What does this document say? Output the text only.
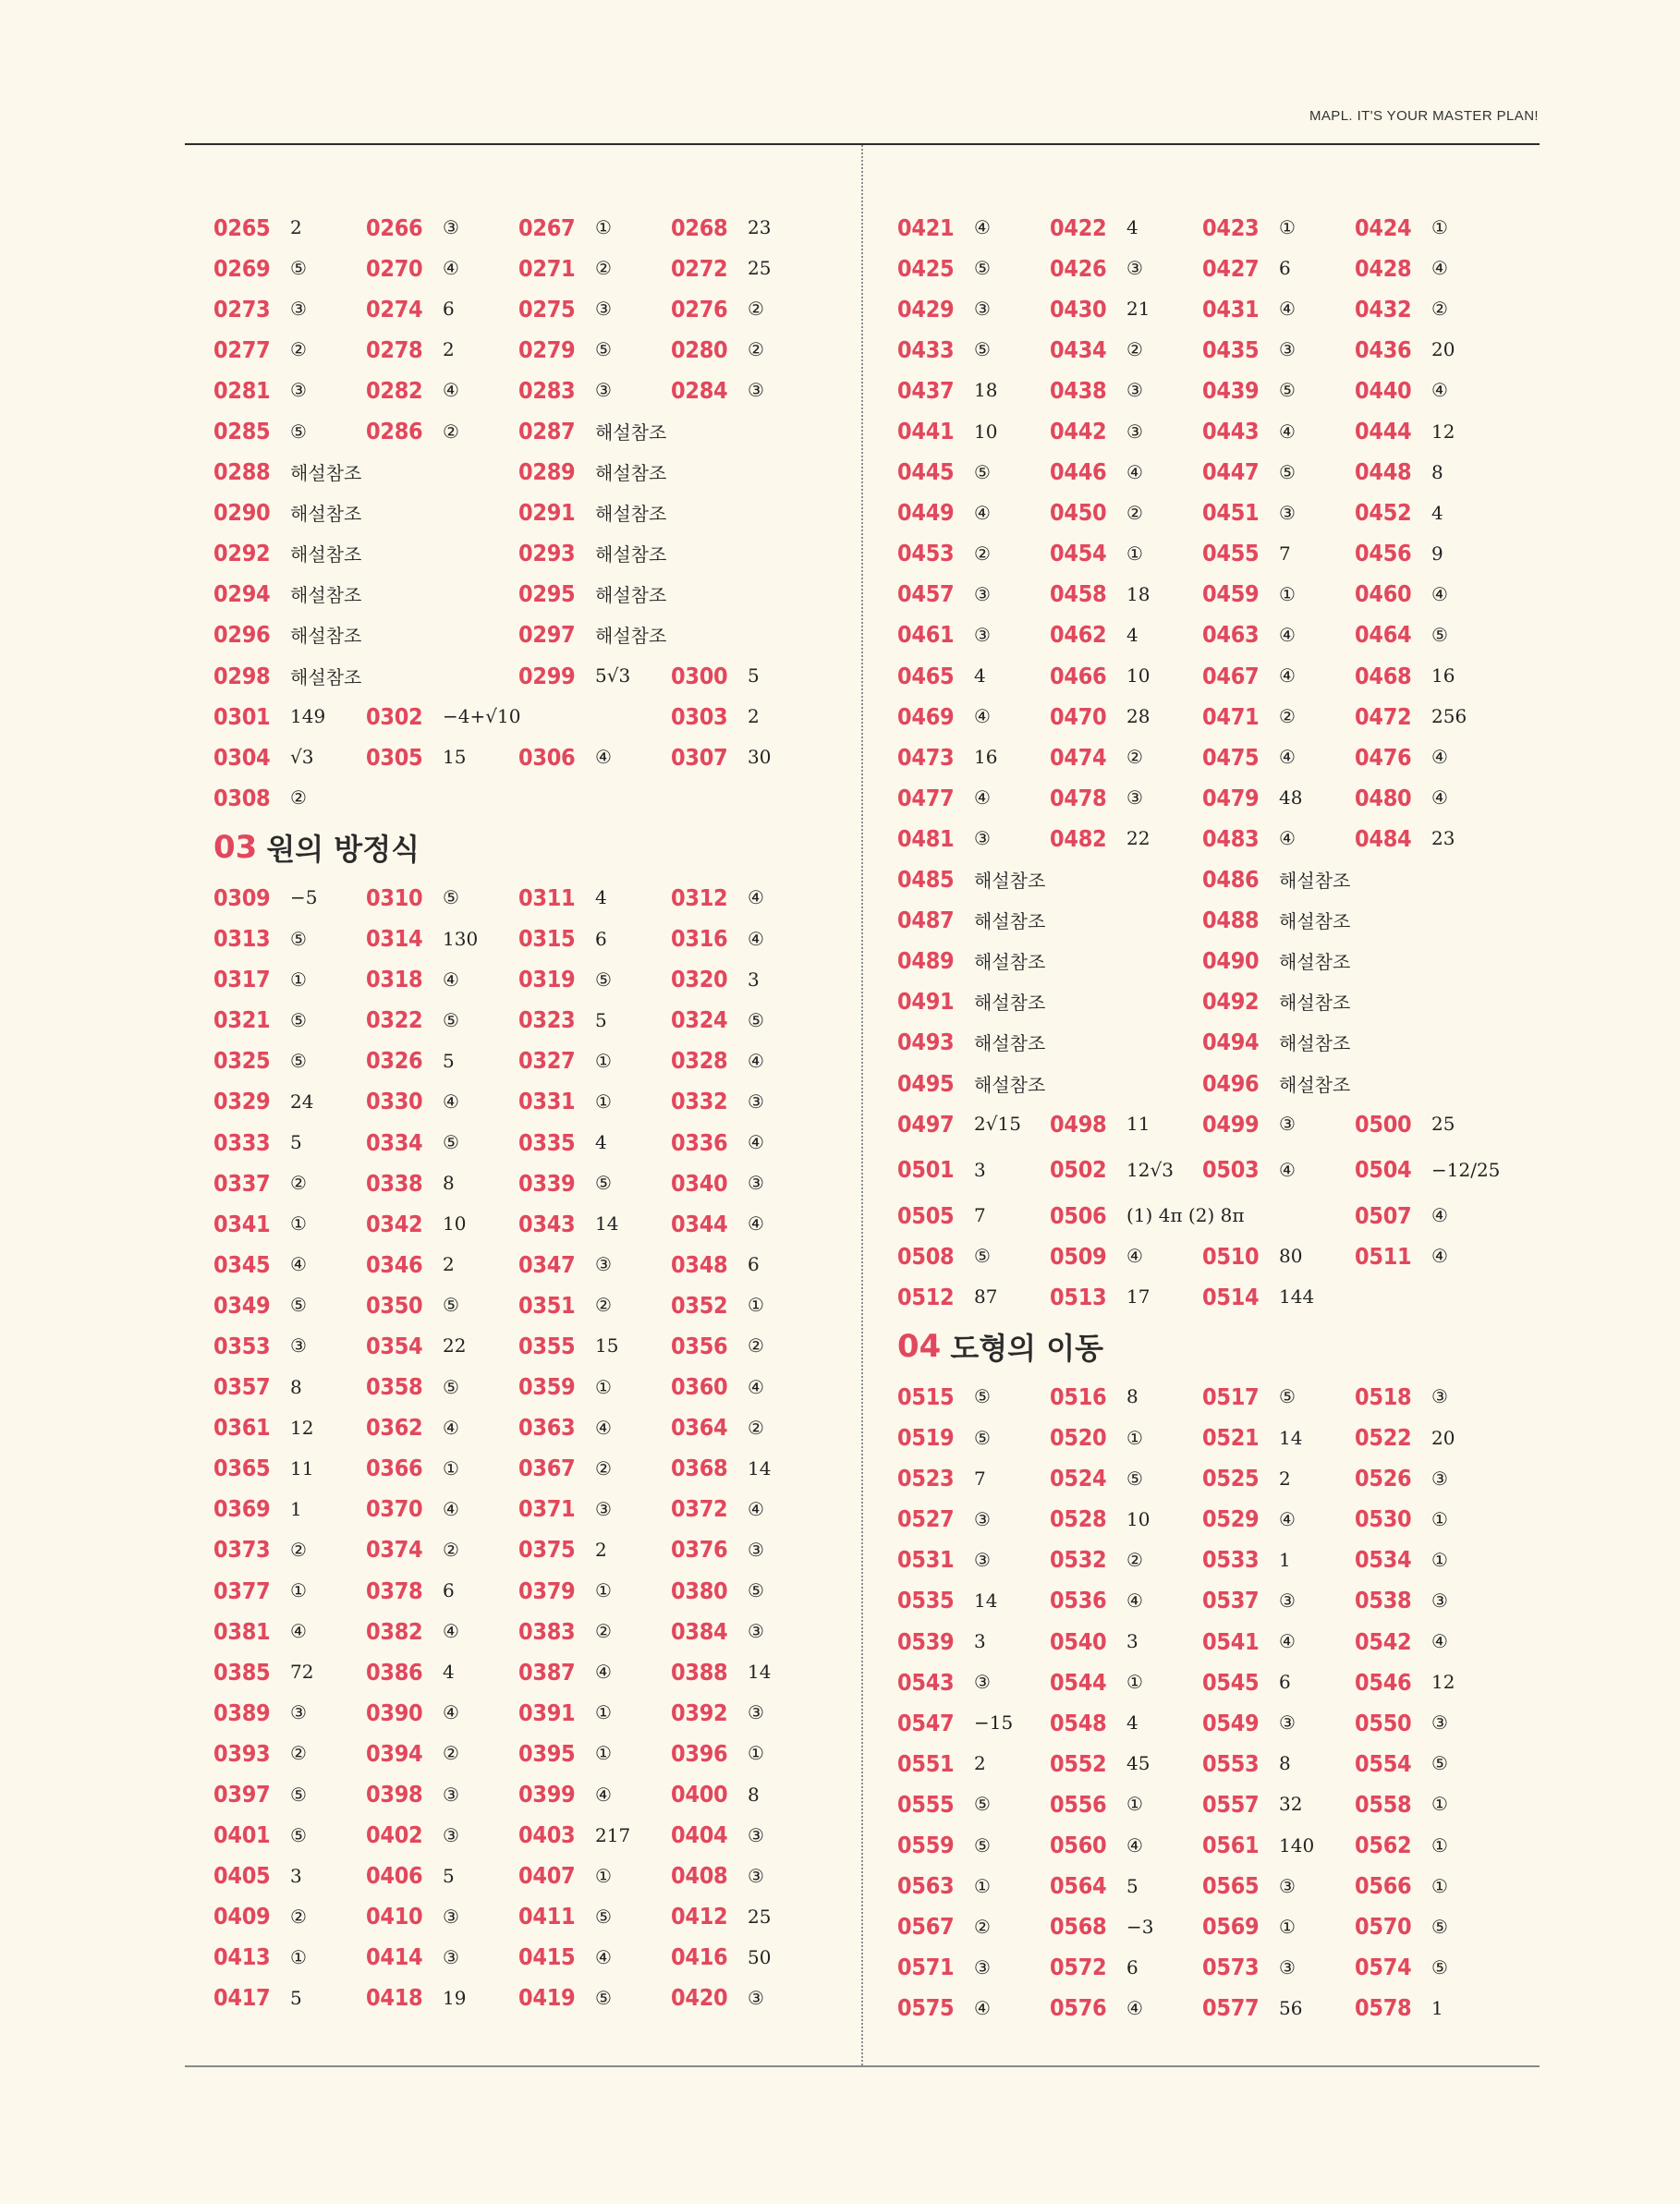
MAPL. IT'S YOUR MASTER PLAN!
0265	2	0266	③	0267	①	0268	23
0269	⑤	0270	④	0271	②	0272	25
0273	③	0274	6	0275	③	0276	②
0277	②	0278	2	0279	⑤	0280	②
0281	③	0282	④	0283	③	0284	③
0285	⑤	0286	②	0287	해설참조
0288	해설참조	0289	해설참조
0290	해설참조	0291	해설참조
0292	해설참조	0293	해설참조
0294	해설참조	0295	해설참조
0296	해설참조	0297	해설참조
0298	해설참조	0299	5√3 0300	5
0301	149 0302	−4+√10	0303	2
0304	√3 0305	15 0306	④	0307	30
0308	②
03 원의 방정식
0309	−5 0310	⑤	0311	4	0312	④
0313	⑤	0314	130 0315	6	0316	④
0317	①	0318	④	0319	⑤	0320	3
0321	⑤	0322	⑤	0323	5	0324	⑤
0325	⑤	0326	5	0327	①	0328	④
0329	24 0330	④	0331	①	0332	③
0333	5	0334	⑤	0335	4	0336	④
0337	②	0338	8	0339	⑤	0340	③
0341	①	0342	10 0343	14 0344	④
0345	④	0346	2	0347	③	0348	6
0349	⑤	0350	⑤	0351	②	0352	①
0353	③	0354	22 0355	15 0356	②
0357	8	0358	⑤	0359	①	0360	④
0361	12 0362	④	0363	④	0364	②
0365	11 0366	①	0367	②	0368	14
0369	1	0370	④	0371	③	0372	④
0373	②	0374	②	0375	2	0376	③
0377	①	0378	6	0379	①	0380	⑤
0381	④	0382	④	0383	②	0384	③
0385	72 0386	4	0387	④	0388	14
0389	③	0390	④	0391	①	0392	③
0393	②	0394	②	0395	①	0396	①
0397	⑤	0398	③	0399	④	0400	8
0401	⑤	0402	③	0403	217 0404	③
0405	3	0406	5	0407	①	0408	③
0409	②	0410	③	0411	⑤	0412	25
0413	①	0414	③	0415	④	0416	50
0417	5	0418	19 0419	⑤	0420	③
0421	④	0422	4	0423	①	0424	①
0425	⑤	0426	③	0427	6	0428	④
0429	③	0430	21 0431	④	0432	②
0433	⑤	0434	②	0435	③	0436	20
0437	18 0438	③	0439	⑤	0440	④
0441	10 0442	③	0443	④	0444	12
0445	⑤	0446	④	0447	⑤	0448	8
0449	④	0450	②	0451	③	0452	4
0453	②	0454	①	0455	7	0456	9
0457	③	0458	18 0459	①	0460	④
0461	③	0462	4	0463	④	0464	⑤
0465	4	0466	10 0467	④	0468	16
0469	④	0470	28 0471	②	0472	256
0473	16 0474	②	0475	④	0476	④
0477	④	0478	③	0479	48 0480	④
0481	③	0482	22 0483	④	0484	23
0485	해설참조	0486	해설참조
0487	해설참조	0488	해설참조
0489	해설참조	0490	해설참조
0491	해설참조	0492	해설참조
0493	해설참조	0494	해설참조
0495	해설참조	0496	해설참조
0497	2√15 0498	11 0499	③	0500	25
0501	3	0502	12√3 0503	④	0504	−12/25
0505	7	0506	(1) 4π (2) 8π	0507	④
0508	⑤	0509	④	0510	80 0511	④
0512	87 0513	17 0514	144
04 도형의 이동
0515	⑤	0516	8	0517	⑤	0518	③
0519	⑤	0520	①	0521	14 0522	20
0523	7	0524	⑤	0525	2	0526	③
0527	③	0528	10 0529	④	0530	①
0531	③	0532	②	0533	1	0534	①
0535	14 0536	④	0537	③	0538	③
0539	3	0540	3	0541	④	0542	④
0543	③	0544	①	0545	6	0546	12
0547	−15 0548	4	0549	③	0550	③
0551	2	0552	45 0553	8	0554	⑤
0555	⑤	0556	①	0557	32 0558	①
0559	⑤	0560	④	0561	140 0562	①
0563	①	0564	5	0565	③	0566	①
0567	②	0568	−3 0569	①	0570	⑤
0571	③	0572	6	0573	③	0574	⑤
0575	④	0576	④	0577	56 0578	1
